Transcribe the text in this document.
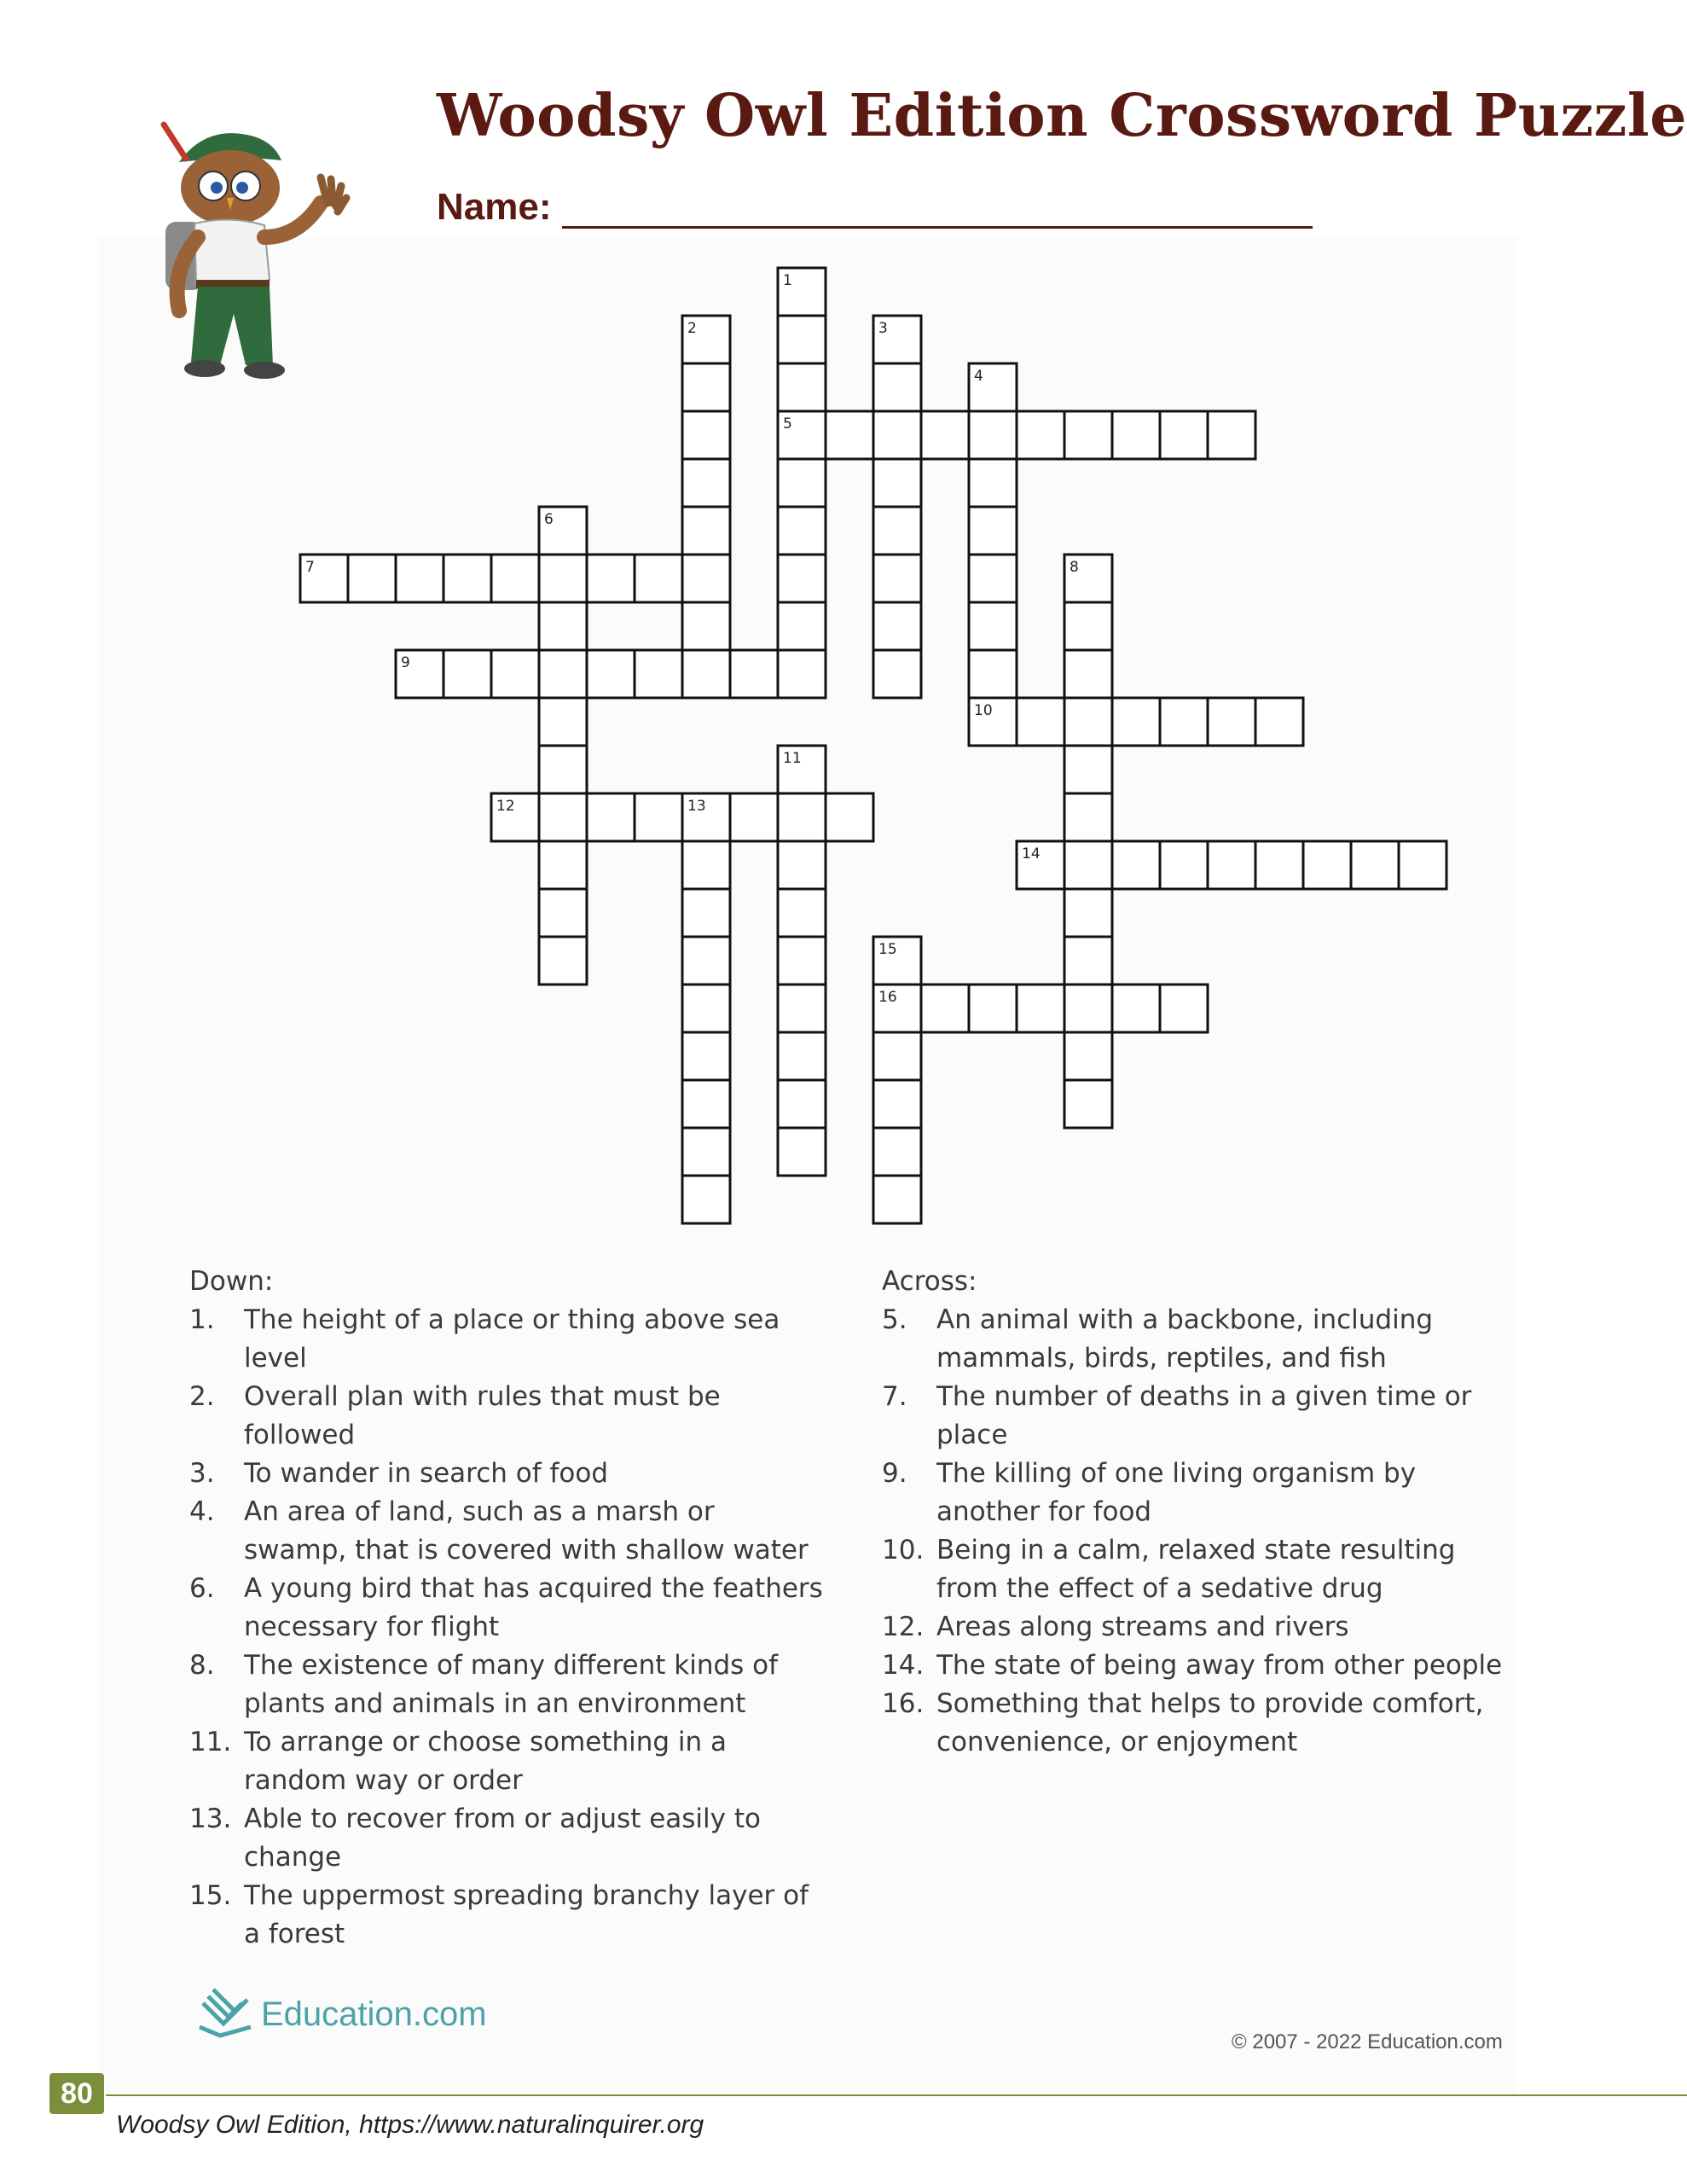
Woodsy Owl Edition Crossword Puzzle
Name:
1
2	3
4
5
6
7	8
9
10
11
12	13
14
15
16
Down:
1.	The height of a place or thing above sea level
2.	Overall plan with rules that must be followed
3.	To wander in search of food
4.	An area of land, such as a marsh or swamp, that is covered with shallow water
6.	A young bird that has acquired the feathers necessary for flight
8.	The existence of many different kinds of plants and animals in an environment
11. To arrange or choose something in a random way or order
13. Able to recover from or adjust easily to change
15. The uppermost spreading branchy layer of a forest
Across:
5.	An animal with a backbone, including mammals, birds, reptiles, and fish
7.	The number of deaths in a given time or place
9.	The killing of one living organism by another for food
10. Being in a calm, relaxed state resulting from the effect of a sedative drug
12. Areas along streams and rivers
14. The state of being away from other people
16. Something that helps to provide comfort, convenience, or enjoyment
Education.com
© 2007 - 2022 Education.com
80
Woodsy Owl Edition, https://www.naturalinquirer.org
